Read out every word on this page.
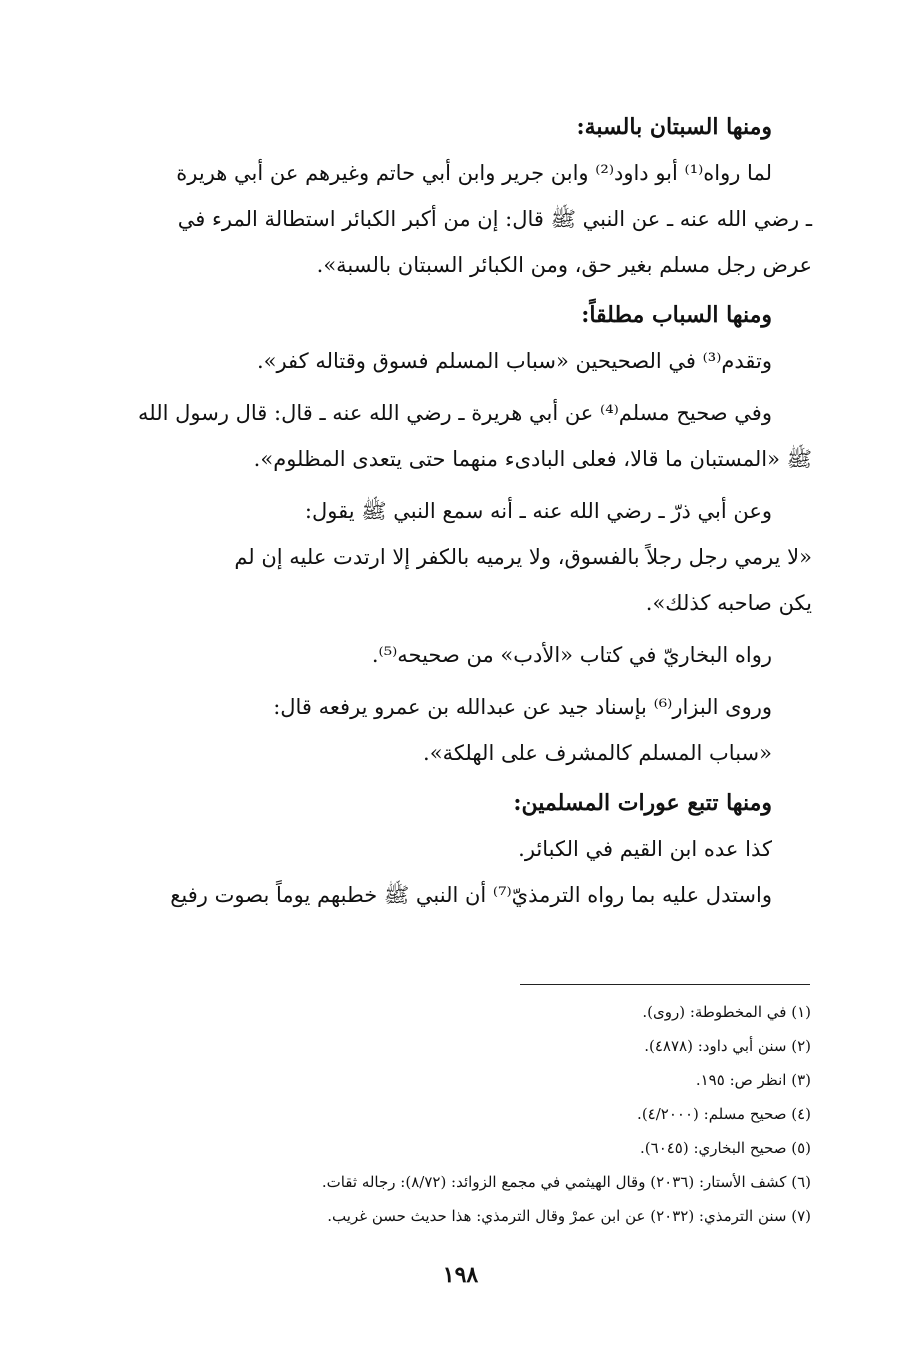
ومنها السبتان بالسبة:

لما رواه⁽¹⁾ أبو داود⁽²⁾ وابن جرير وابن أبي حاتم وغيرهم عن أبي هريرة
ـ رضي الله عنه ـ عن النبي ﷺ قال: إن من أكبر الكبائر استطالة المرء في
عرض رجل مسلم بغير حق، ومن الكبائر السبتان بالسبة».

ومنها السباب مطلقاً:

وتقدم⁽³⁾ في الصحيحين «سباب المسلم فسوق وقتاله كفر».

وفي صحيح مسلم⁽⁴⁾ عن أبي هريرة ـ رضي الله عنه ـ قال: قال رسول الله
ﷺ «المستبان ما قالا، فعلى البادىء منهما حتى يتعدى المظلوم».

وعن أبي ذرّ ـ رضي الله عنه ـ أنه سمع النبي ﷺ يقول:

«لا يرمي رجل رجلاً بالفسوق، ولا يرميه بالكفر إلا ارتدت عليه إن لم
يكن صاحبه كذلك».

رواه البخاريّ في كتاب «الأدب» من صحيحه⁽⁵⁾.

وروى البزار⁽⁶⁾ بإسناد جيد عن عبدالله بن عمرو يرفعه قال:
«سباب المسلم كالمشرف على الهلكة».

ومنها تتبع عورات المسلمين:

كذا عده ابن القيم في الكبائر.
واستدل عليه بما رواه الترمذيّ⁽⁷⁾ أن النبي ﷺ خطبهم يوماً بصوت رفيع

(١) في المخطوطة: (روى).
(٢) سنن أبي داود: (٤٨٧٨).
(٣) انظر ص: ١٩٥.
(٤) صحيح مسلم: (٤/٢٠٠٠).
(٥) صحيح البخاري: (٦٠٤٥).
(٦) كشف الأستار: (٢٠٣٦) وقال الهيثمي في مجمع الزوائد: (٨/٧٢): رجاله ثقات.
(٧) سنن الترمذي: (٢٠٣٢) عن ابن عمرْ وقال الترمذي: هذا حديث حسن غريب.
١٩٨
